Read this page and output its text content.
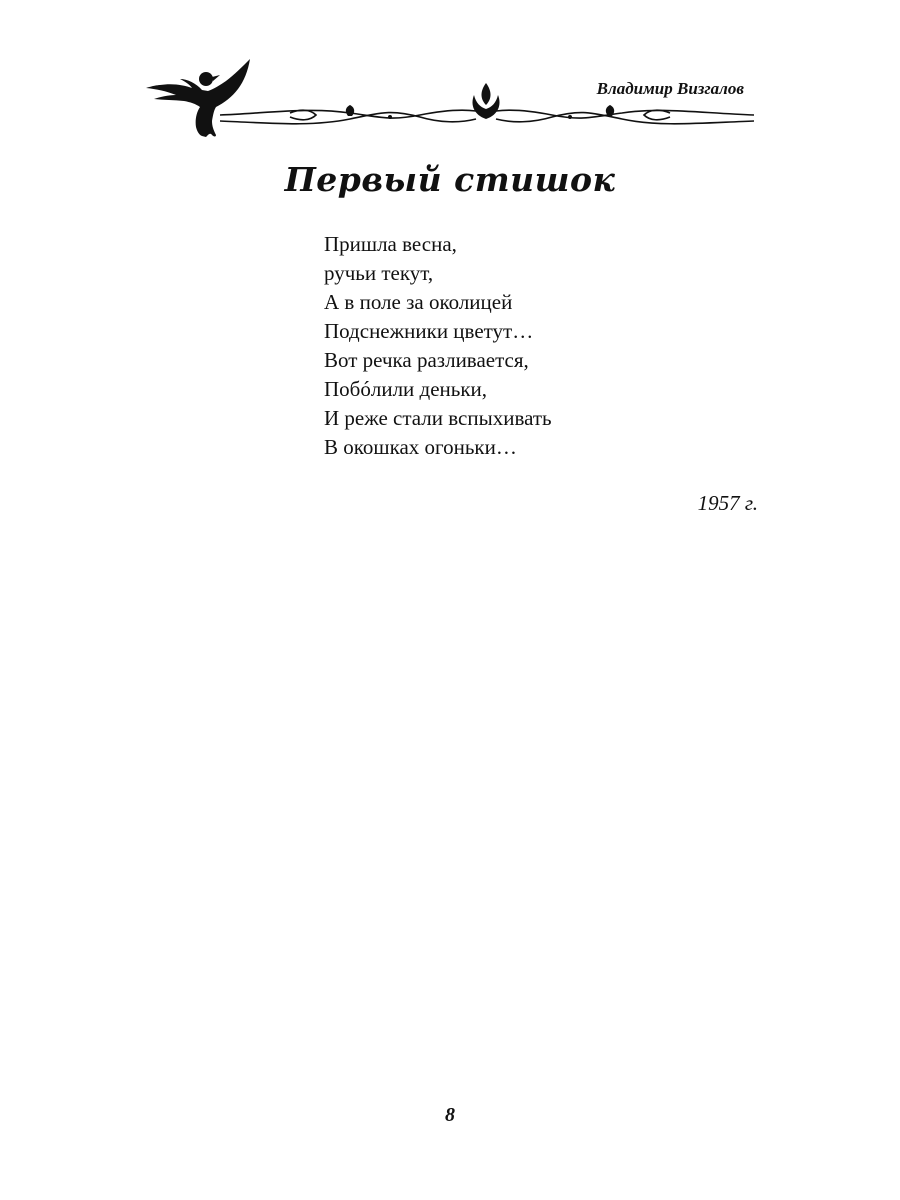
Владимир Визгалов
Первый стишок
Пришла весна,
ручьи текут,
А в поле за околицей
Подснежники цветут…
Вот речка разливается,
Побóлили деньки,
И реже стали вспыхивать
В окошках огоньки…
1957 г.
8
